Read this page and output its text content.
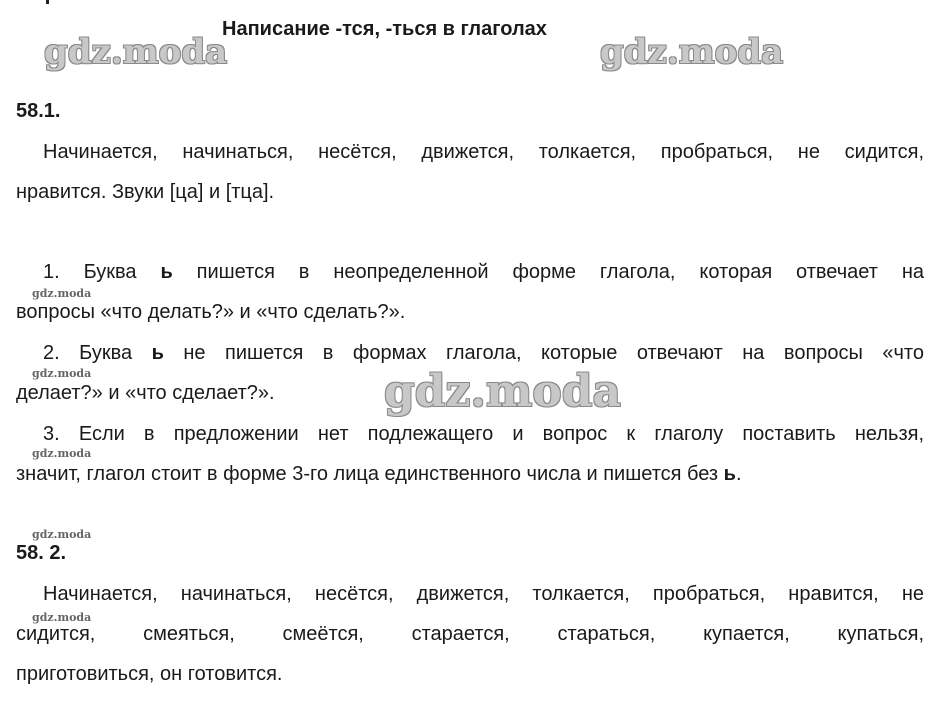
gdz.moda
Написание -тся, -ться в глаголах
gdz.moda
58.1.
Начинается, начинаться, несётся, движется, толкается, пробраться, не сидится,
нравится. Звуки [ца] и [тца].
1. Буква ь пишется в неопределенной форме глагола, которая отвечает на
gdz.moda
вопросы «что делать?» и «что сделать?».
2. Буква ь не пишется в формах глагола, которые отвечают на вопросы «что
gdz.moda
делает?» и «что сделает?».	gdz.moda
3. Если в предложении нет подлежащего и вопрос к глаголу поставить нельзя,
gdz.moda
значит, глагол стоит в форме 3-го лица единственного числа и пишется без ь.
gdz.moda
58. 2.
Начинается, начинаться, несётся, движется, толкается, пробраться, нравится, не
gdz.moda
сидится, смеяться, смеётся, старается, стараться, купается, купаться,
приготовиться, он готовится.
